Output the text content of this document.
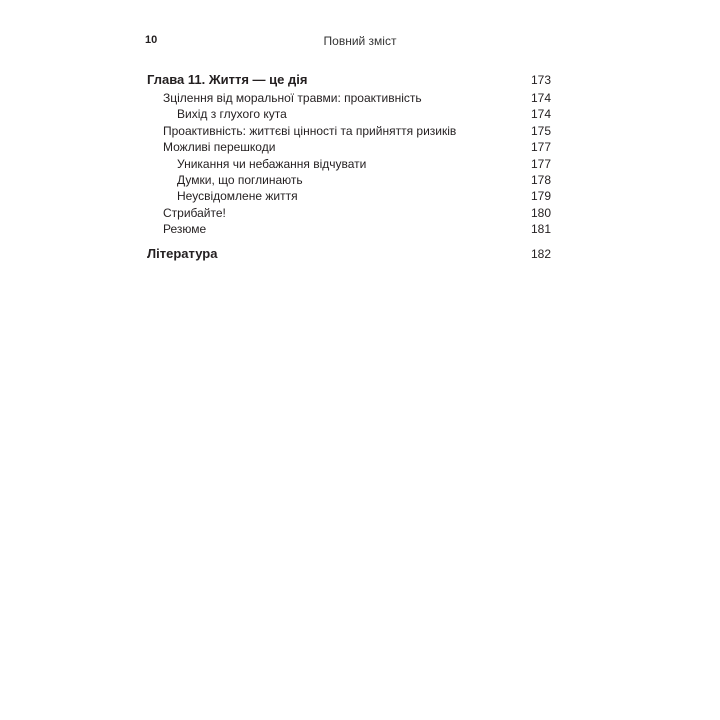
10	Повний зміст
Глава 11. Життя — це дія	173
Зцілення від моральної травми: проактивність	174
Вихід з глухого кута	174
Проактивність: життєві цінності та прийняття ризиків	175
Можливі перешкоди	177
Уникання чи небажання відчувати	177
Думки, що поглинають	178
Неусвідомлене життя	179
Стрибайте!	180
Резюме	181
Література	182
